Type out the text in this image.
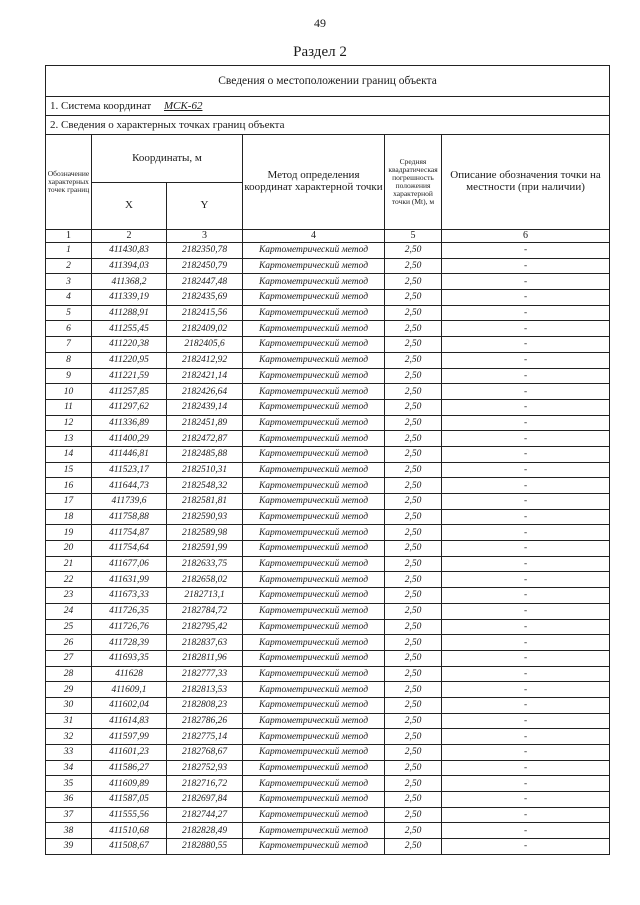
49
Раздел 2
Сведения о местоположении границ объекта					
1. Система координат МСК-62					
2. Сведения о характерных точках границ объекта					
Обозначение характерных точек границ	Координаты, м		Метод определения координат характерной точки	Средняя квадратическая погрешность положения характерной точки (Mt), м	Описание обозначения точки на местности (при наличии)
	X	Y			
1	2	3	4	5	6
1	411430,83	2182350,78	Картометрический метод	2,50	-
2	411394,03	2182450,79	Картометрический метод	2,50	-
3	411368,2	2182447,48	Картометрический метод	2,50	-
4	411339,19	2182435,69	Картометрический метод	2,50	-
5	411288,91	2182415,56	Картометрический метод	2,50	-
6	411255,45	2182409,02	Картометрический метод	2,50	-
7	411220,38	2182405,6	Картометрический метод	2,50	-
8	411220,95	2182412,92	Картометрический метод	2,50	-
9	411221,59	2182421,14	Картометрический метод	2,50	-
10	411257,85	2182426,64	Картометрический метод	2,50	-
11	411297,62	2182439,14	Картометрический метод	2,50	-
12	411336,89	2182451,89	Картометрический метод	2,50	-
13	411400,29	2182472,87	Картометрический метод	2,50	-
14	411446,81	2182485,88	Картометрический метод	2,50	-
15	411523,17	2182510,31	Картометрический метод	2,50	-
16	411644,73	2182548,32	Картометрический метод	2,50	-
17	411739,6	2182581,81	Картометрический метод	2,50	-
18	411758,88	2182590,93	Картометрический метод	2,50	-
19	411754,87	2182589,98	Картометрический метод	2,50	-
20	411754,64	2182591,99	Картометрический метод	2,50	-
21	411677,06	2182633,75	Картометрический метод	2,50	-
22	411631,99	2182658,02	Картометрический метод	2,50	-
23	411673,33	2182713,1	Картометрический метод	2,50	-
24	411726,35	2182784,72	Картометрический метод	2,50	-
25	411726,76	2182795,42	Картометрический метод	2,50	-
26	411728,39	2182837,63	Картометрический метод	2,50	-
27	411693,35	2182811,96	Картометрический метод	2,50	-
28	411628	2182777,33	Картометрический метод	2,50	-
29	411609,1	2182813,53	Картометрический метод	2,50	-
30	411602,04	2182808,23	Картометрический метод	2,50	-
31	411614,83	2182786,26	Картометрический метод	2,50	-
32	411597,99	2182775,14	Картометрический метод	2,50	-
33	411601,23	2182768,67	Картометрический метод	2,50	-
34	411586,27	2182752,93	Картометрический метод	2,50	-
35	411609,89	2182716,72	Картометрический метод	2,50	-
36	411587,05	2182697,84	Картометрический метод	2,50	-
37	411555,56	2182744,27	Картометрический метод	2,50	-
38	411510,68	2182828,49	Картометрический метод	2,50	-
39	411508,67	2182880,55	Картометрический метод	2,50	-
